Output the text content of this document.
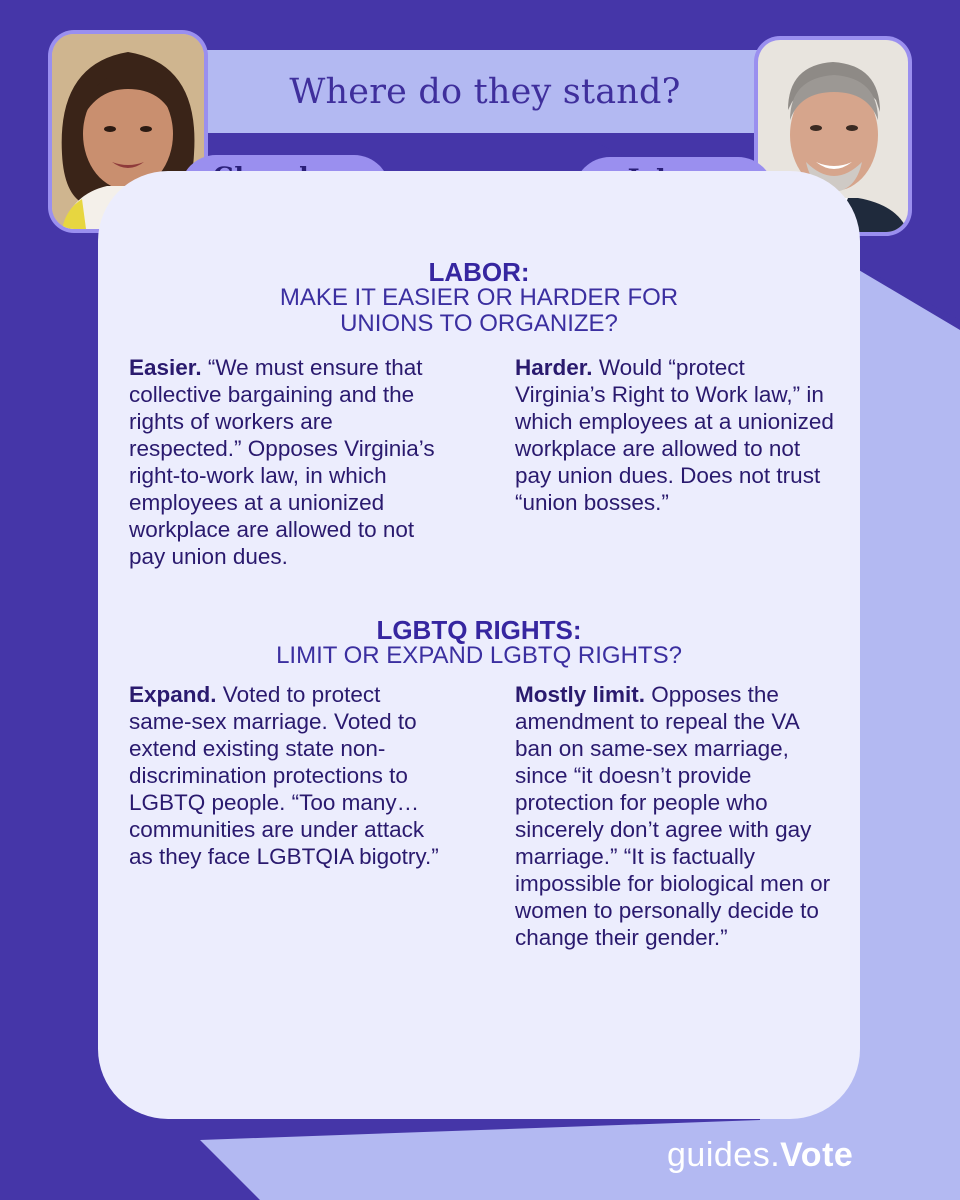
Where do they stand?
LABOR:
MAKE IT EASIER OR HARDER FOR
UNIONS TO ORGANIZE?
Easier. “We must ensure that collective bargaining and the rights of workers are respected.” Opposes Virginia’s right-to-work law, in which employees at a unionized workplace are allowed to not pay union dues.
Harder. Would “protect Virginia’s Right to Work law,” in which employees at a unionized workplace are allowed to not pay union dues. Does not trust “union bosses.”
LGBTQ RIGHTS:
LIMIT OR EXPAND LGBTQ RIGHTS?
Expand. Voted to protect same-sex marriage. Voted to extend existing state non-discrimination protections to LGBTQ people. “Too many… communities are under attack as they face LGBTQIA bigotry.”
Mostly limit. Opposes the amendment to repeal the VA ban on same-sex marriage, since “it doesn’t provide protection for people who sincerely don’t agree with gay marriage.” “It is factually impossible for biological men or women to personally decide to change their gender.”
guides.Vote
